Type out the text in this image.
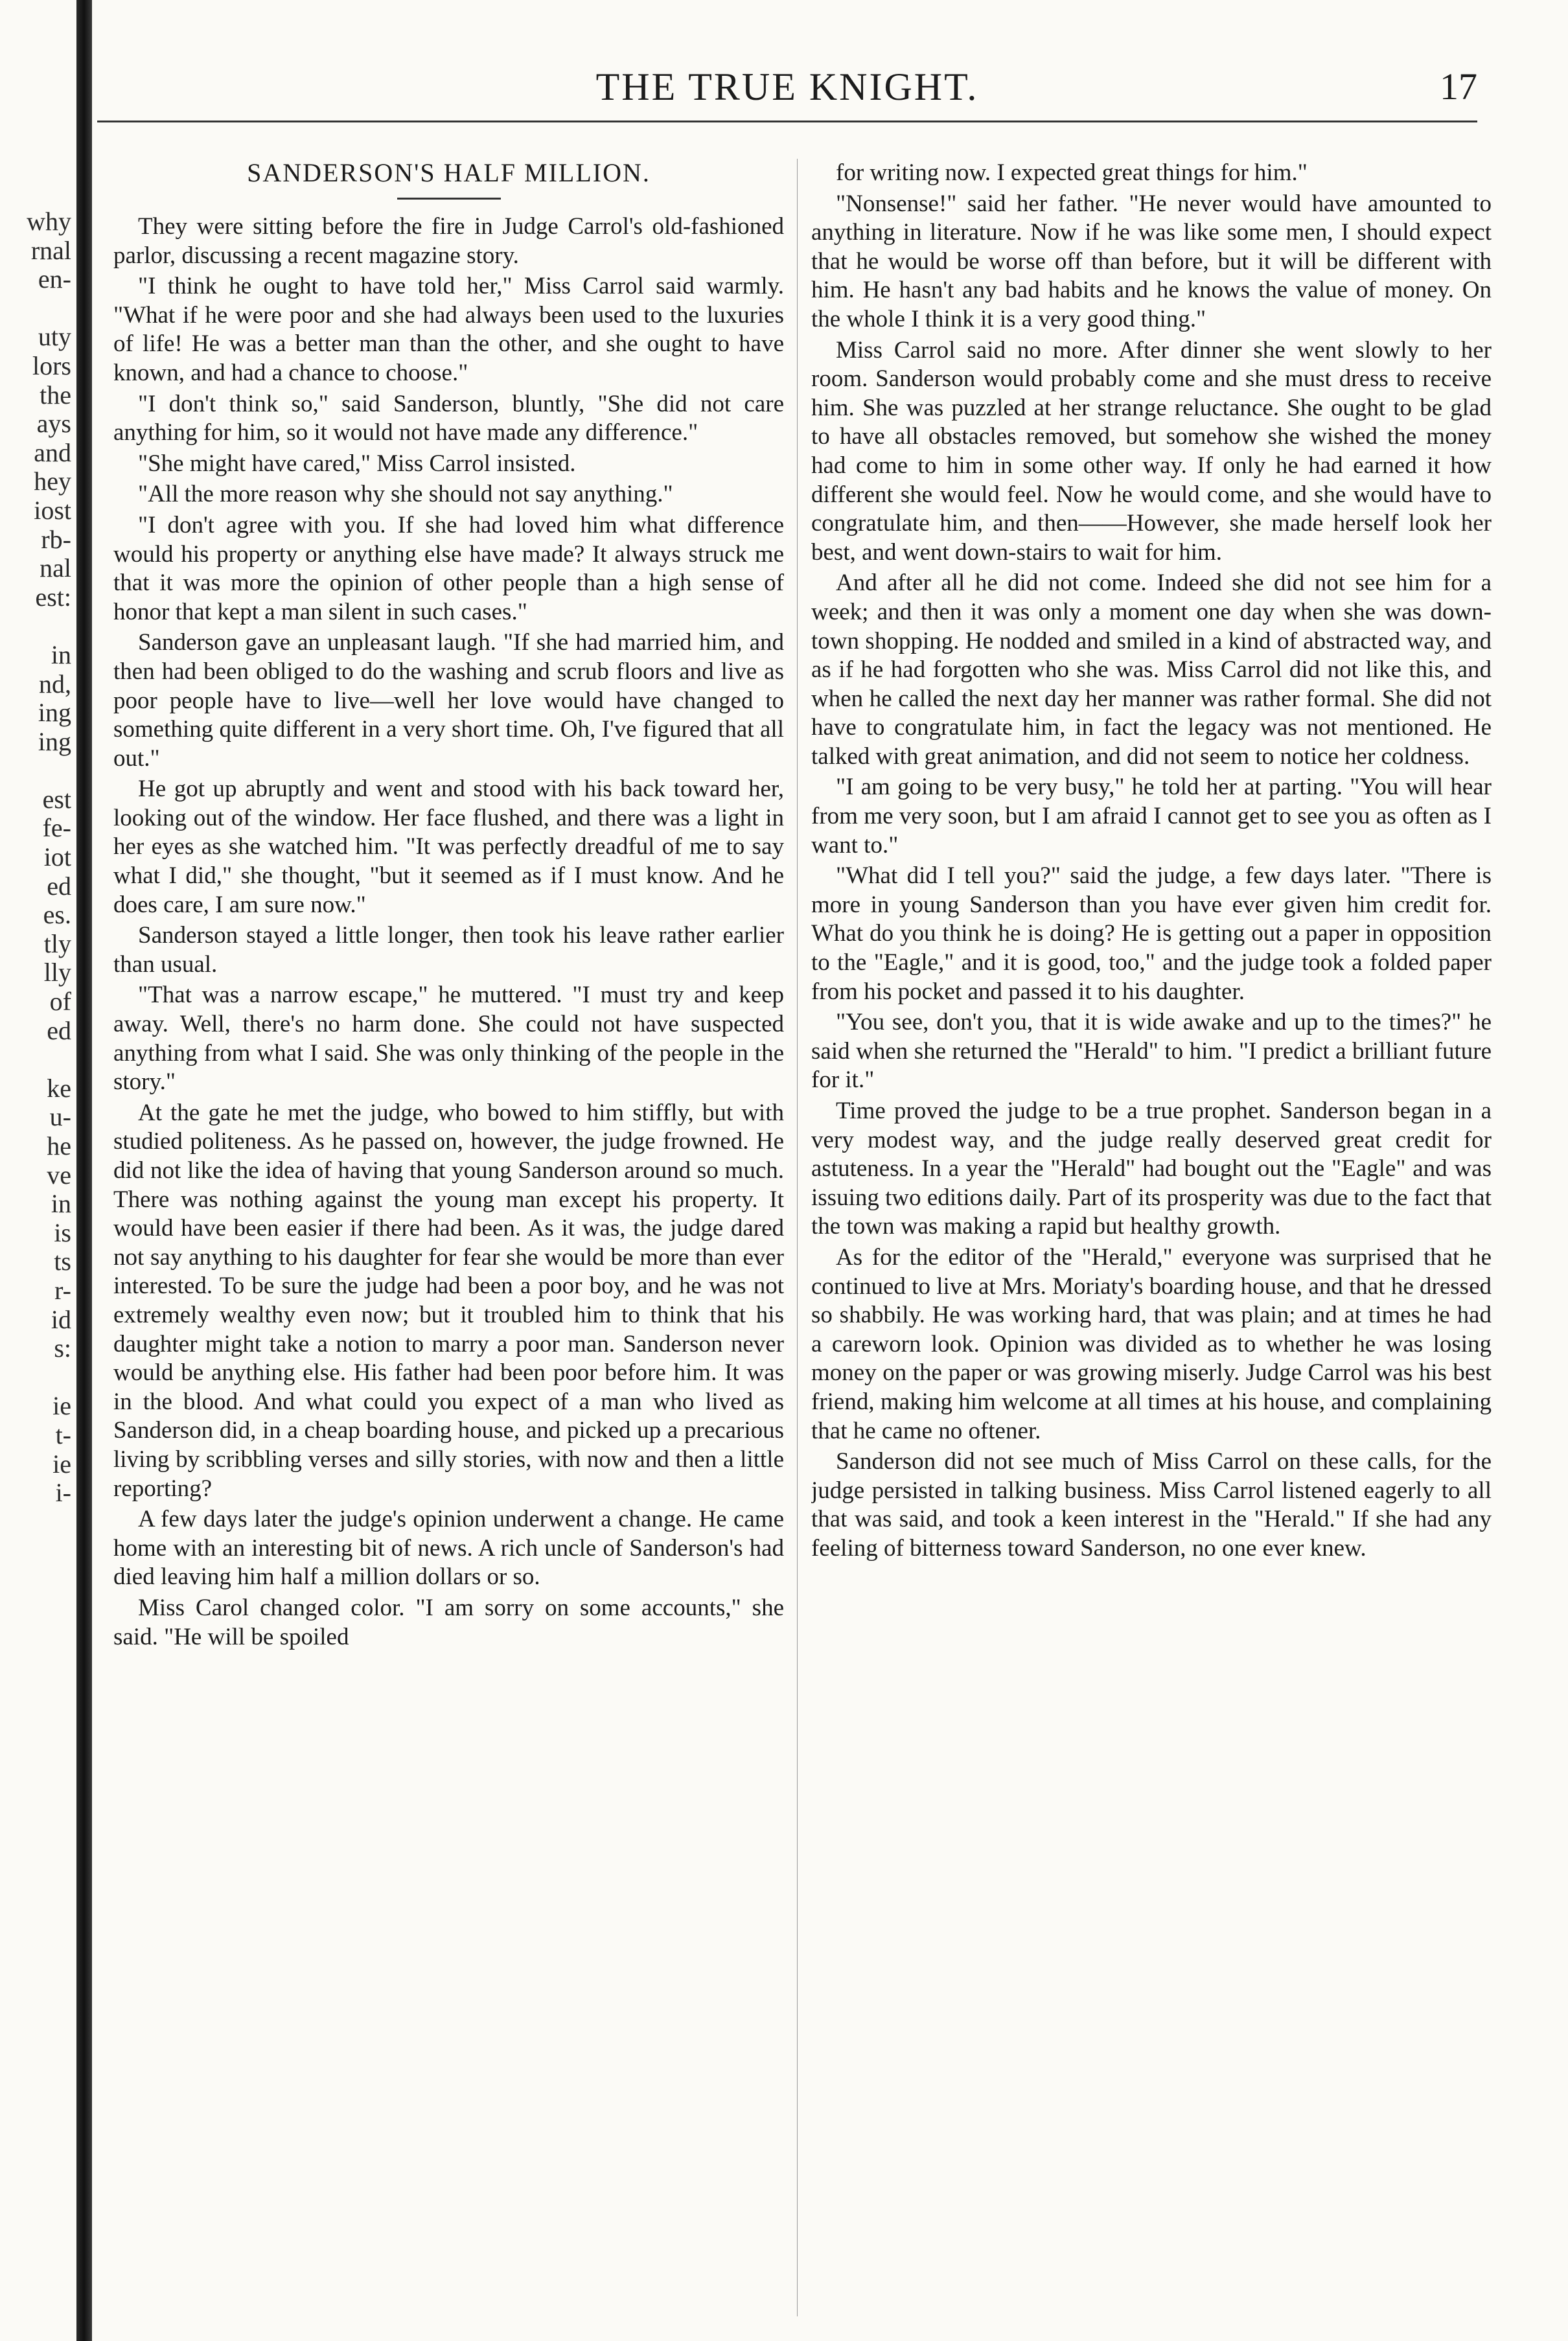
why
rnal
en-
uty
lors
the
ays
and
hey
iost
rb-
nal
est:
in
nd,
ing
ing
est
fe-
iot
ed
es.
tly
lly
of
ed
ke
u-
he
ve
in
is
ts
r-
id
s:
ie
t-
ie
i-
THE TRUE KNIGHT.	17
SANDERSON'S HALF MILLION.

They were sitting before the fire in Judge Carrol's old-fashioned parlor, discussing a recent magazine story.

"I think he ought to have told her," Miss Carrol said warmly. "What if he were poor and she had always been used to the luxuries of life! He was a better man than the other, and she ought to have known, and had a chance to choose."

"I don't think so," said Sanderson, bluntly, "She did not care anything for him, so it would not have made any difference."

"She might have cared," Miss Carrol insisted.

"All the more reason why she should not say anything."

"I don't agree with you. If she had loved him what difference would his property or anything else have made? It always struck me that it was more the opinion of other people than a high sense of honor that kept a man silent in such cases."

Sanderson gave an unpleasant laugh. "If she had married him, and then had been obliged to do the washing and scrub floors and live as poor people have to live—well her love would have changed to something quite different in a very short time. Oh, I've figured that all out."

He got up abruptly and went and stood with his back toward her, looking out of the window. Her face flushed, and there was a light in her eyes as she watched him. "It was perfectly dreadful of me to say what I did," she thought, "but it seemed as if I must know. And he does care, I am sure now."

Sanderson stayed a little longer, then took his leave rather earlier than usual.

"That was a narrow escape," he muttered. "I must try and keep away. Well, there's no harm done. She could not have suspected anything from what I said. She was only thinking of the people in the story."

At the gate he met the judge, who bowed to him stiffly, but with studied politeness. As he passed on, however, the judge frowned. He did not like the idea of having that young Sanderson around so much. There was nothing against the young man except his property. It would have been easier if there had been. As it was, the judge dared not say anything to his daughter for fear she would be more than ever interested. To be sure the judge had been a poor boy, and he was not extremely wealthy even now; but it troubled him to think that his daughter might take a notion to marry a poor man. Sanderson never would be anything else. His father had been poor before him. It was in the blood. And what could you expect of a man who lived as Sanderson did, in a cheap boarding house, and picked up a precarious living by scribbling verses and silly stories, with now and then a little reporting?

A few days later the judge's opinion underwent a change. He came home with an interesting bit of news. A rich uncle of Sanderson's had died leaving him half a million dollars or so.

Miss Carol changed color. "I am sorry on some accounts," she said. "He will be spoiled

for writing now. I expected great things for him."

"Nonsense!" said her father. "He never would have amounted to anything in literature. Now if he was like some men, I should expect that he would be worse off than before, but it will be different with him. He hasn't any bad habits and he knows the value of money. On the whole I think it is a very good thing."

Miss Carrol said no more. After dinner she went slowly to her room. Sanderson would probably come and she must dress to receive him. She was puzzled at her strange reluctance. She ought to be glad to have all obstacles removed, but somehow she wished the money had come to him in some other way. If only he had earned it how different she would feel. Now he would come, and she would have to congratulate him, and then——However, she made herself look her best, and went down-stairs to wait for him.

And after all he did not come. Indeed she did not see him for a week; and then it was only a moment one day when she was down-town shopping. He nodded and smiled in a kind of abstracted way, and as if he had forgotten who she was. Miss Carrol did not like this, and when he called the next day her manner was rather formal. She did not have to congratulate him, in fact the legacy was not mentioned. He talked with great animation, and did not seem to notice her coldness.

"I am going to be very busy," he told her at parting. "You will hear from me very soon, but I am afraid I cannot get to see you as often as I want to."

"What did I tell you?" said the judge, a few days later. "There is more in young Sanderson than you have ever given him credit for. What do you think he is doing? He is getting out a paper in opposition to the "Eagle," and it is good, too," and the judge took a folded paper from his pocket and passed it to his daughter.

"You see, don't you, that it is wide awake and up to the times?" he said when she returned the "Herald" to him. "I predict a brilliant future for it."

Time proved the judge to be a true prophet. Sanderson began in a very modest way, and the judge really deserved great credit for astuteness. In a year the "Herald" had bought out the "Eagle" and was issuing two editions daily. Part of its prosperity was due to the fact that the town was making a rapid but healthy growth.

As for the editor of the "Herald," everyone was surprised that he continued to live at Mrs. Moriaty's boarding house, and that he dressed so shabbily. He was working hard, that was plain; and at times he had a careworn look. Opinion was divided as to whether he was losing money on the paper or was growing miserly. Judge Carrol was his best friend, making him welcome at all times at his house, and complaining that he came no oftener.

Sanderson did not see much of Miss Carrol on these calls, for the judge persisted in talking business. Miss Carrol listened eagerly to all that was said, and took a keen interest in the "Herald." If she had any feeling of bitterness toward Sanderson, no one ever knew.
